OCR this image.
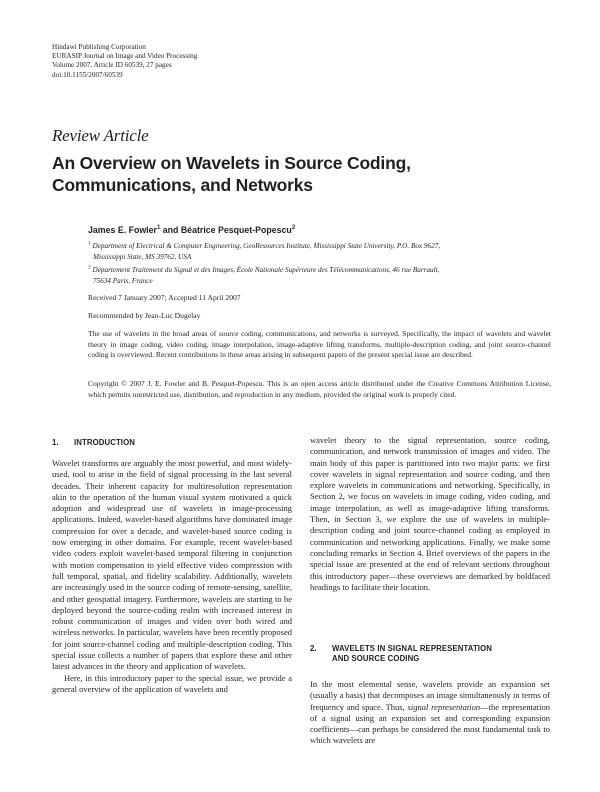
Hindawi Publishing Corporation
EURASIP Journal on Image and Video Processing
Volume 2007, Article ID 60539, 27 pages
doi:10.1155/2007/60539
Review Article
An Overview on Wavelets in Source Coding,
Communications, and Networks
James E. Fowler$^1$ and Béatrice Pesquet-Popescu$^2$
$^1$ Department of Electrical & Computer Engineering, GeoResources Institute, Mississippi State University, P.O. Box 9627,
Mississippi State, MS 39762, USA
$^2$ Département Traitement du Signal et des Images, École Nationale Supérieure des Télécommunications, 46 rue Barrault,
75634 Paris, France
Received 7 January 2007; Accepted 11 April 2007
Recommended by Jean-Luc Dugelay
The use of wavelets in the broad areas of source coding, communications, and networks is surveyed. Specifically, the impact of wavelets and wavelet theory in image coding, video coding, image interpolation, image-adaptive lifting transforms, multiple-description coding, and joint source-channel coding is overviewed. Recent contributions in these areas arising in subsequent papers of the present special issue are described.
Copyright © 2007 J. E. Fowler and B. Pesquet-Popescu. This is an open access article distributed under the Creative Commons Attribution License, which permits unrestricted use, distribution, and reproduction in any medium, provided the original work is properly cited.
1. INTRODUCTION

Wavelet transforms are arguably the most powerful, and most widely-used, tool to arise in the field of signal processing in the last several decades. Their inherent capacity for multiresolution representation akin to the operation of the human visual system motivated a quick adoption and widespread use of wavelets in image-processing applications. Indeed, wavelet-based algorithms have dominated image compression for over a decade, and wavelet-based source coding is now emerging in other domains. For example, recent wavelet-based video coders exploit wavelet-based temporal filtering in conjunction with motion compensation to yield effective video compression with full temporal, spatial, and fidelity scalability. Additionally, wavelets are increasingly used in the source coding of remote-sensing, satellite, and other geospatial imagery. Furthermore, wavelets are starting to be deployed beyond the source-coding realm with increased interest in robust communication of images and video over both wired and wireless networks. In particular, wavelets have been recently proposed for joint source-channel coding and multiple-description coding. This special issue collects a number of papers that explore these and other latest advances in the theory and application of wavelets.

Here, in this introductory paper to the special issue, we provide a general overview of the application of wavelets and

wavelet theory to the signal representation, source coding, communication, and network transmission of images and video. The main body of this paper is partitioned into two major parts: we first cover wavelets in signal representation and source coding, and then explore wavelets in communications and networking. Specifically, in Section 2, we focus on wavelets in image coding, video coding, and image interpolation, as well as image-adaptive lifting transforms. Then, in Section 3, we explore the use of wavelets in multiple-description coding and joint source-channel coding as employed in communication and networking applications. Finally, we make some concluding remarks in Section 4. Brief overviews of the papers in the special issue are presented at the end of relevant sections throughout this introductory paper—these overviews are demarked by boldfaced headings to facilitate their location.

2. WAVELETS IN SIGNAL REPRESENTATION
AND SOURCE CODING

In the most elemental sense, wavelets provide an expansion set (usually a basis) that decomposes an image simultaneously in terms of frequency and space. Thus, signal representation—the representation of a signal using an expansion set and corresponding expansion coefficients—can perhaps be considered the most fundamental task to which wavelets are
